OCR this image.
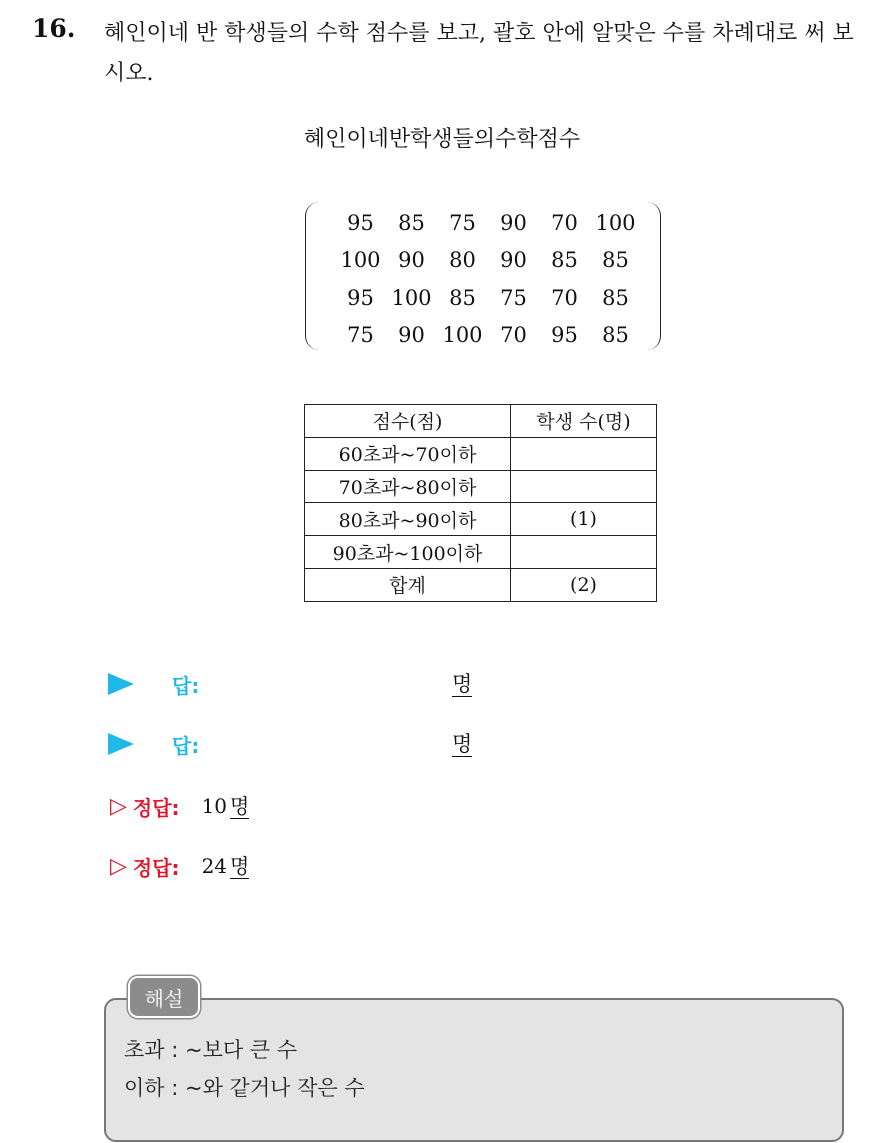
16. 혜인이네 반 학생들의 수학 점수를 보고, 괄호 안에 알맞은 수를 차례대로 써 보시오.
혜인이네반학생들의수학점수
95	85	75	90	70 100
100 90	80	90	85	85
95 100 85	75	70	85
75	90 100 70	95	85
점수(점)	학생 수(명)
60초과~70이하	
70초과~80이하	
80초과~90이하	(1)
90초과~100이하	
합계	(2)
답:	명
답:	명
▷ 정답: 10 명
▷ 정답: 24 명
해설
초과 : ~보다 큰 수
이하 : ~와 같거나 작은 수
